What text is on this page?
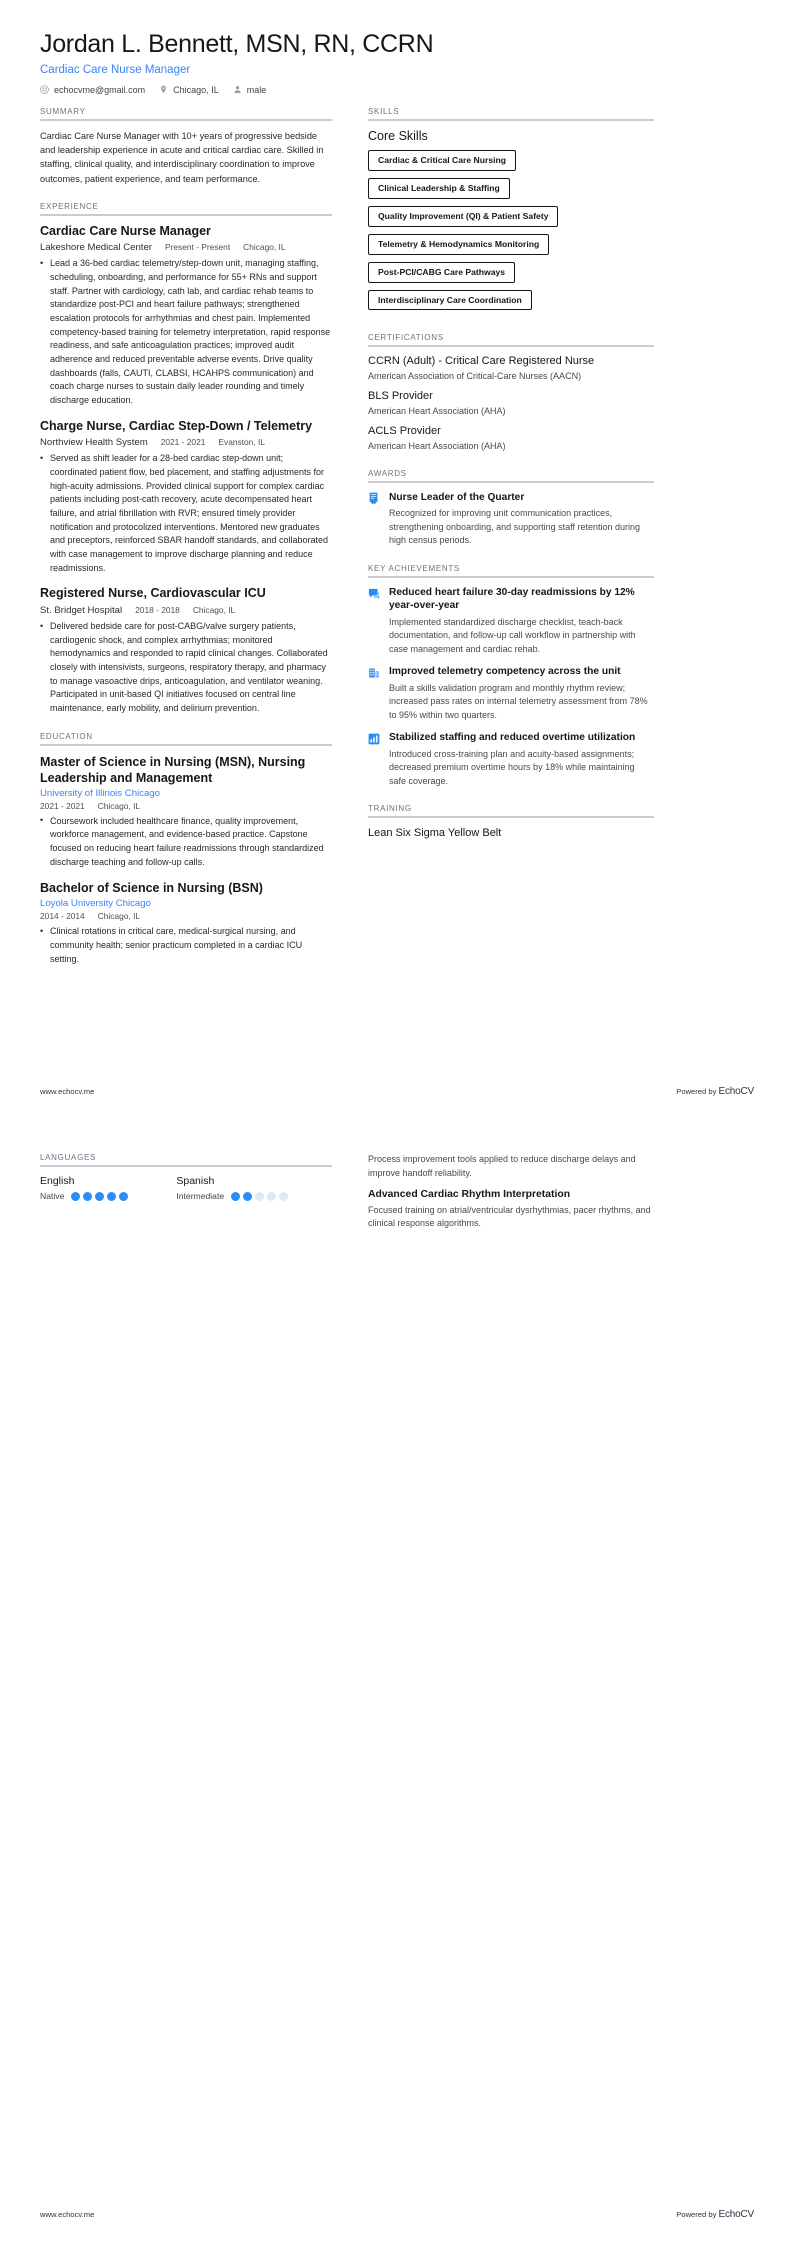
Jordan L. Bennett, MSN, RN, CCRN
Cardiac Care Nurse Manager
echocvme@gmail.com	Chicago, IL	male
SUMMARY
Cardiac Care Nurse Manager with 10+ years of progressive bedside and leadership experience in acute and critical cardiac care. Skilled in staffing, clinical quality, and interdisciplinary coordination to improve outcomes, patient experience, and team performance.
EXPERIENCE
Cardiac Care Nurse Manager
Lakeshore Medical Center Present - Present Chicago, IL
• Lead a 36-bed cardiac telemetry/step-down unit, managing staffing, scheduling, onboarding, and performance for 55+ RNs and support staff. Partner with cardiology, cath lab, and cardiac rehab teams to standardize post-PCI and heart failure pathways; strengthened escalation protocols for arrhythmias and chest pain. Implemented competency-based training for telemetry interpretation, rapid response readiness, and safe anticoagulation practices; improved audit adherence and reduced preventable adverse events. Drive quality dashboards (falls, CAUTI, CLABSI, HCAHPS communication) and coach charge nurses to sustain daily leader rounding and timely discharge education.
Charge Nurse, Cardiac Step-Down / Telemetry
Northview Health System 2021 - 2021 Evanston, IL
• Served as shift leader for a 28-bed cardiac step-down unit; coordinated patient flow, bed placement, and staffing adjustments for high-acuity admissions. Provided clinical support for complex cardiac patients including post-cath recovery, acute decompensated heart failure, and atrial fibrillation with RVR; ensured timely provider notification and protocolized interventions. Mentored new graduates and preceptors, reinforced SBAR handoff standards, and collaborated with case management to improve discharge planning and reduce readmissions.
Registered Nurse, Cardiovascular ICU
St. Bridget Hospital 2018 - 2018 Chicago, IL
• Delivered bedside care for post-CABG/valve surgery patients, cardiogenic shock, and complex arrhythmias; monitored hemodynamics and responded to rapid clinical changes. Collaborated closely with intensivists, surgeons, respiratory therapy, and pharmacy to manage vasoactive drips, anticoagulation, and ventilator weaning. Participated in unit-based QI initiatives focused on central line maintenance, early mobility, and delirium prevention.
EDUCATION
Master of Science in Nursing (MSN), Nursing Leadership and Management
University of Illinois Chicago
2021 - 2021 Chicago, IL
• Coursework included healthcare finance, quality improvement, workforce management, and evidence-based practice. Capstone focused on reducing heart failure readmissions through standardized discharge teaching and follow-up calls.
Bachelor of Science in Nursing (BSN)
Loyola University Chicago
2014 - 2014 Chicago, IL
• Clinical rotations in critical care, medical-surgical nursing, and community health; senior practicum completed in a cardiac ICU setting.
SKILLS
Core Skills
Cardiac & Critical Care Nursing
Clinical Leadership & Staffing
Quality Improvement (QI) & Patient Safety
Telemetry & Hemodynamics Monitoring
Post-PCI/CABG Care Pathways
Interdisciplinary Care Coordination
CERTIFICATIONS
CCRN (Adult) - Critical Care Registered Nurse
American Association of Critical-Care Nurses (AACN)
BLS Provider
American Heart Association (AHA)
ACLS Provider
American Heart Association (AHA)
AWARDS
Nurse Leader of the Quarter
Recognized for improving unit communication practices, strengthening onboarding, and supporting staff retention during high census periods.
KEY ACHIEVEMENTS
Reduced heart failure 30-day readmissions by 12% year-over-year
Implemented standardized discharge checklist, teach-back documentation, and follow-up call workflow in partnership with case management and cardiac rehab.
Improved telemetry competency across the unit
Built a skills validation program and monthly rhythm review; increased pass rates on internal telemetry assessment from 78% to 95% within two quarters.
Stabilized staffing and reduced overtime utilization
Introduced cross-training plan and acuity-based assignments; decreased premium overtime hours by 18% while maintaining safe coverage.
TRAINING
Lean Six Sigma Yellow Belt
www.echocv.me	Powered by EchoCV
LANGUAGES
English
Native
Spanish
Intermediate
Process improvement tools applied to reduce discharge delays and improve handoff reliability.
Advanced Cardiac Rhythm Interpretation
Focused training on atrial/ventricular dysrhythmias, pacer rhythms, and clinical response algorithms.
www.echocv.me	Powered by EchoCV
